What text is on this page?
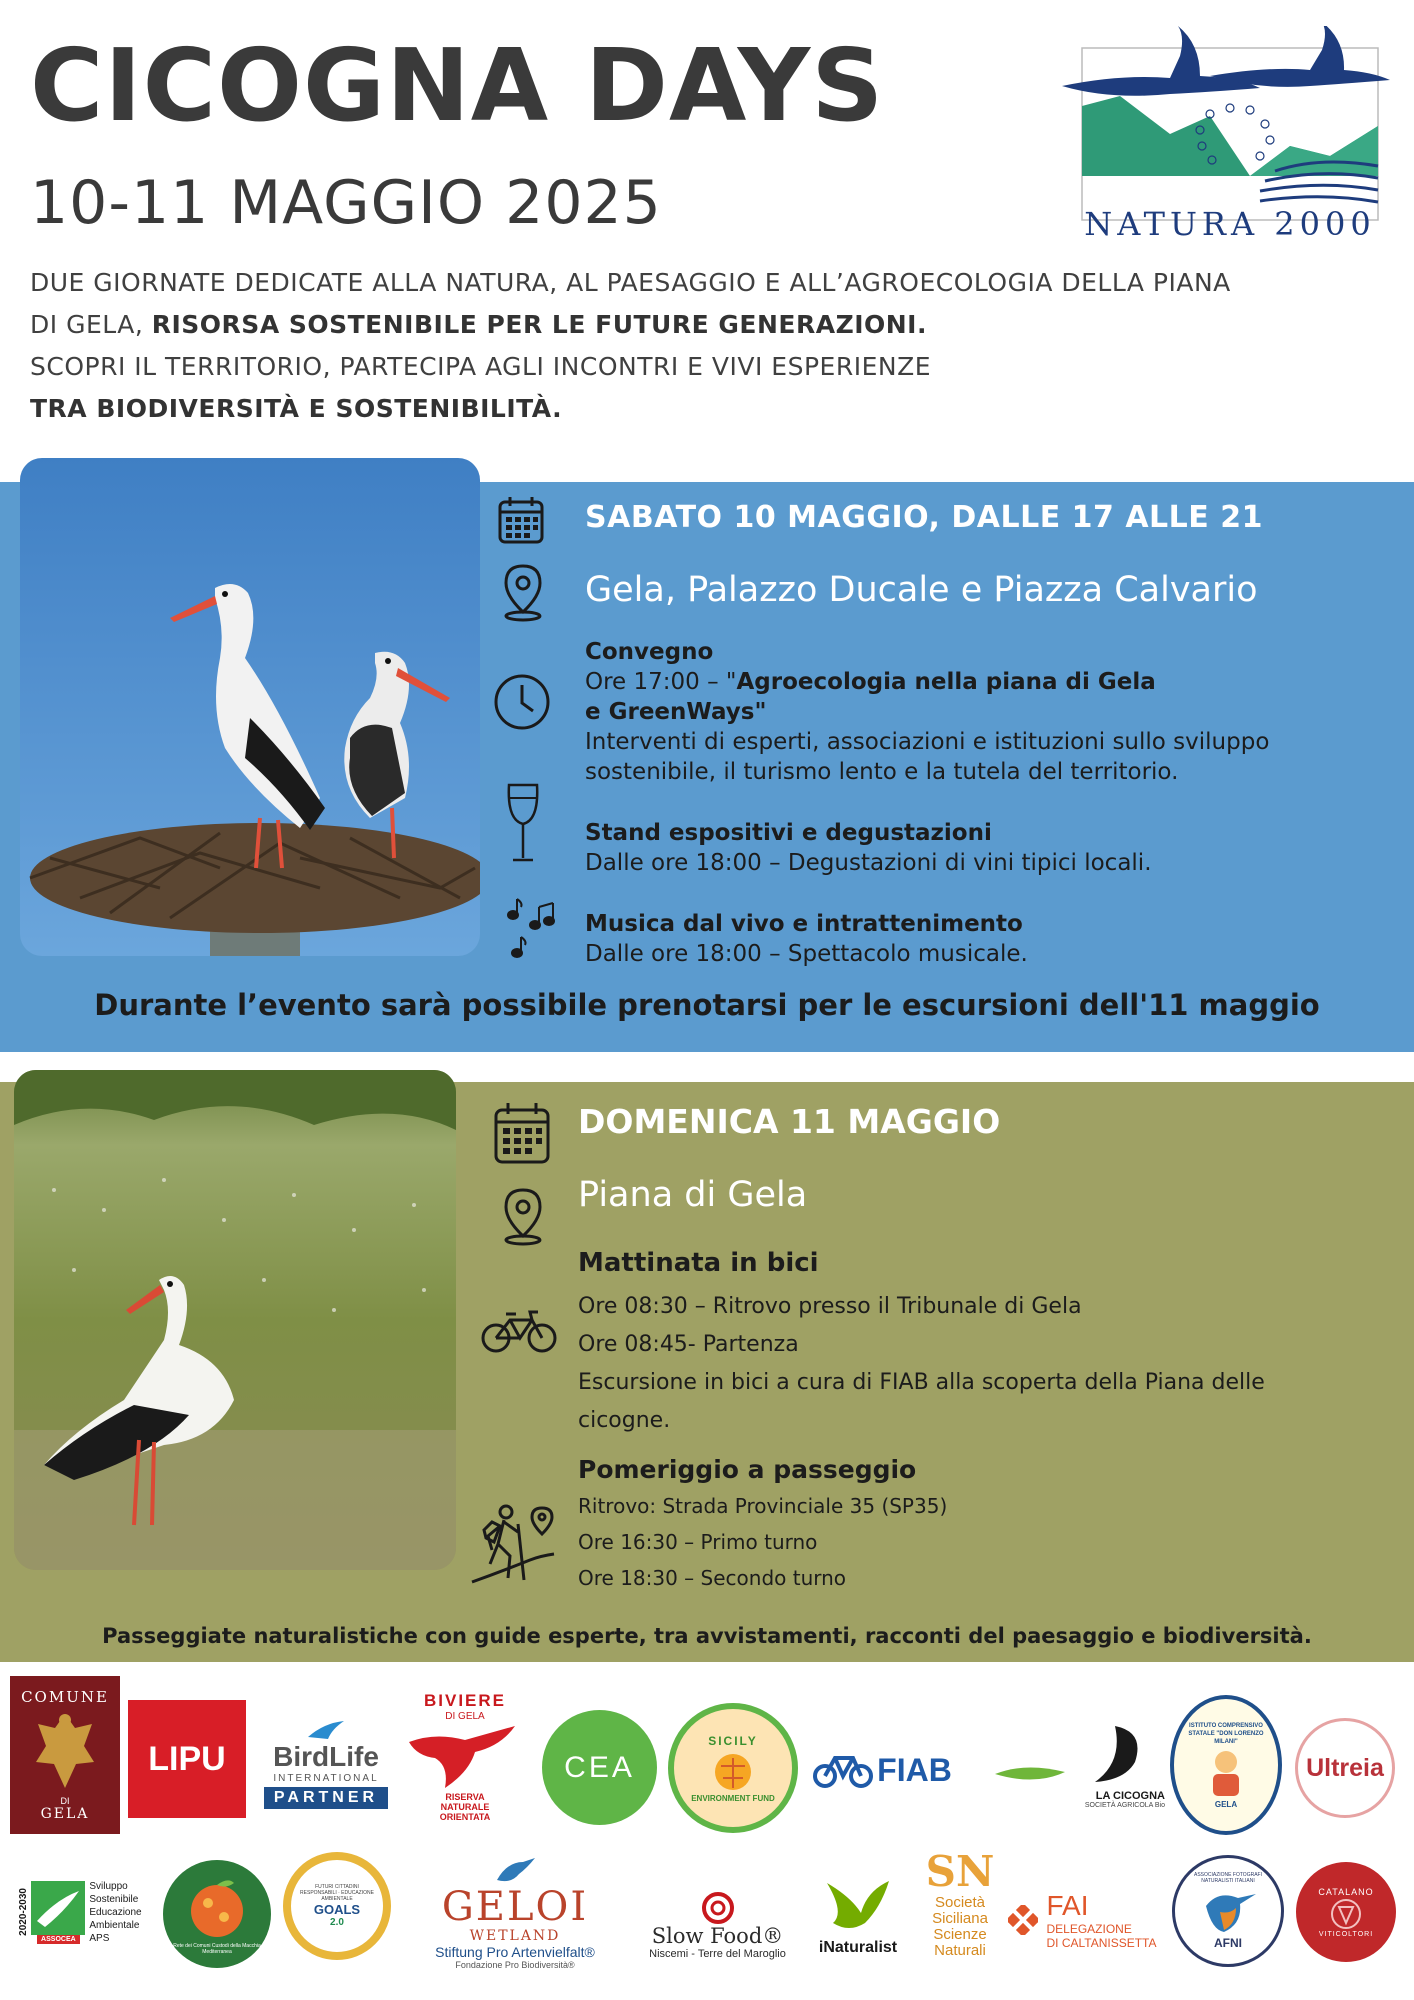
CICOGNA DAYS
10-11 MAGGIO 2025
DUE GIORNATE DEDICATE ALLA NATURA, AL PAESAGGIO E ALL’AGROECOLOGIA DELLA PIANA
DI GELA, RISORSA SOSTENIBILE PER LE FUTURE GENERAZIONI.
SCOPRI IL TERRITORIO, PARTECIPA AGLI INCONTRI E VIVI ESPERIENZE
TRA BIODIVERSITÀ E SOSTENIBILITÀ.
NATURA 2000
SABATO 10 MAGGIO, DALLE 17 ALLE 21
Gela, Palazzo Ducale e Piazza Calvario
Convegno
Ore 17:00 – "Agroecologia nella piana di Gela
e GreenWays"
Interventi di esperti, associazioni e istituzioni sullo sviluppo
sostenibile, il turismo lento e la tutela del territorio.
Stand espositivi e degustazioni
Dalle ore 18:00 – Degustazioni di vini tipici locali.
Musica dal vivo e intrattenimento
Dalle ore 18:00 – Spettacolo musicale.
Durante l’evento sarà possibile prenotarsi per le escursioni dell'11 maggio
DOMENICA 11 MAGGIO
Piana di Gela
Mattinata in bici
Ore 08:30 – Ritrovo presso il Tribunale di Gela
Ore 08:45- Partenza
Escursione in bici a cura di FIAB alla scoperta della Piana delle
cicogne.
Pomeriggio a passeggio
Ritrovo: Strada Provinciale 35 (SP35)
Ore 16:30 – Primo turno
Ore 18:30 – Secondo turno
Passeggiate naturalistiche con guide esperte, tra avvistamenti, racconti del paesaggio e biodiversità.
COMUNE
DI
GELA
LIPU BirdLife
INTERNATIONAL
PARTNER
BIVIERE
DI GELA
RISERVA NATURALE ORIENTATA
CEA
SICILY
ENVIRONMENT FUND
FIAB
LA CICOGNA
SOCIETÀ AGRICOLA Bio
ISTITUTO COMPRENSIVO STATALE "DON LORENZO MILANI"
GELA
Ultreia
2020-2030
ASSOCEA
Sviluppo
Sostenibile
Educazione
Ambientale
APS
Rete dei Comuni Custodi della Macchia Mediterranea
FUTURI CITTADINI RESPONSABILI · EDUCAZIONE AMBIENTALE
GOALS
2.0 GELOI
WETLAND
Stiftung Pro Artenvielfalt®
Fondazione Pro Biodiversità®
Slow Food®
Niscemi - Terre del Maroglio iNaturalist
SN
Società
Siciliana
Scienze
Naturali
FAI
DELEGAZIONE
DI CALTANISSETTA
ASSOCIAZIONE FOTOGRAFI NATURALISTI ITALIANI
AFNI
CATALANO
VITICOLTORI
